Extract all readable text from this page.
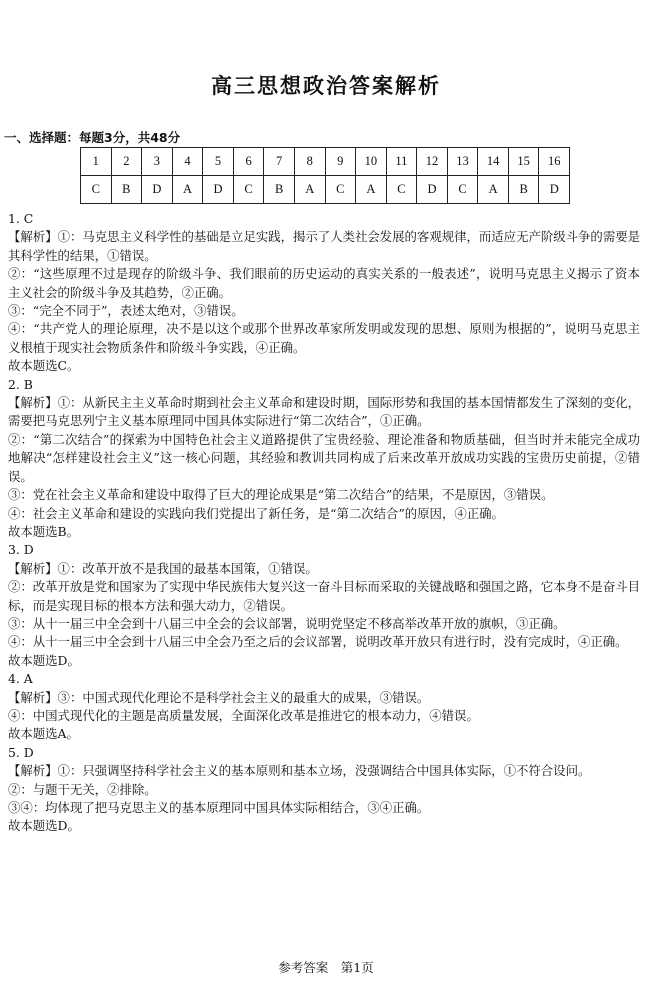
高三思想政治答案解析
一、选择题：每题3分，共48分
1	2	3	4	5	6	7	8	9	10	11	12	13	14	15	16
C	B	D	A	D	C	B	A	C	A	C	D	C	A	B	D

1. C

【解析】①：马克思主义科学性的基础是立足实践，揭示了人类社会发展的客观规律，而适应无产阶级斗争的需要是其科学性的结果，①错误。

②：“这些原理不过是现存的阶级斗争、我们眼前的历史运动的真实关系的一般表述”，说明马克思主义揭示了资本主义社会的阶级斗争及其趋势，②正确。

③：“完全不同于”，表述太绝对，③错误。

④：“共产党人的理论原理，决不是以这个或那个世界改革家所发明或发现的思想、原则为根据的”，说明马克思主义根植于现实社会物质条件和阶级斗争实践，④正确。

故本题选C。

2. B

【解析】①：从新民主主义革命时期到社会主义革命和建设时期，国际形势和我国的基本国情都发生了深刻的变化，需要把马克思列宁主义基本原理同中国具体实际进行“第二次结合”，①正确。

②：“第二次结合”的探索为中国特色社会主义道路提供了宝贵经验、理论准备和物质基础，但当时并未能完全成功地解决“怎样建设社会主义”这一核心问题，其经验和教训共同构成了后来改革开放成功实践的宝贵历史前提，②错误。

③：党在社会主义革命和建设中取得了巨大的理论成果是“第二次结合”的结果，不是原因，③错误。

④：社会主义革命和建设的实践向我们党提出了新任务，是“第二次结合”的原因，④正确。

故本题选B。

3. D

【解析】①：改革开放不是我国的最基本国策，①错误。

②：改革开放是党和国家为了实现中华民族伟大复兴这一奋斗目标而采取的关键战略和强国之路，它本身不是奋斗目标，而是实现目标的根本方法和强大动力，②错误。

③：从十一届三中全会到十八届三中全会的会议部署，说明党坚定不移高举改革开放的旗帜，③正确。

④：从十一届三中全会到十八届三中全会乃至之后的会议部署，说明改革开放只有进行时，没有完成时，④正确。

故本题选D。

4. A

【解析】③：中国式现代化理论不是科学社会主义的最重大的成果，③错误。

④：中国式现代化的主题是高质量发展，全面深化改革是推进它的根本动力，④错误。

故本题选A。

5. D

【解析】①：只强调坚持科学社会主义的基本原则和基本立场，没强调结合中国具体实际，①不符合设问。

②：与题干无关，②排除。

③④：均体现了把马克思主义的基本原理同中国具体实际相结合，③④正确。

故本题选D。

参考答案　第1页
